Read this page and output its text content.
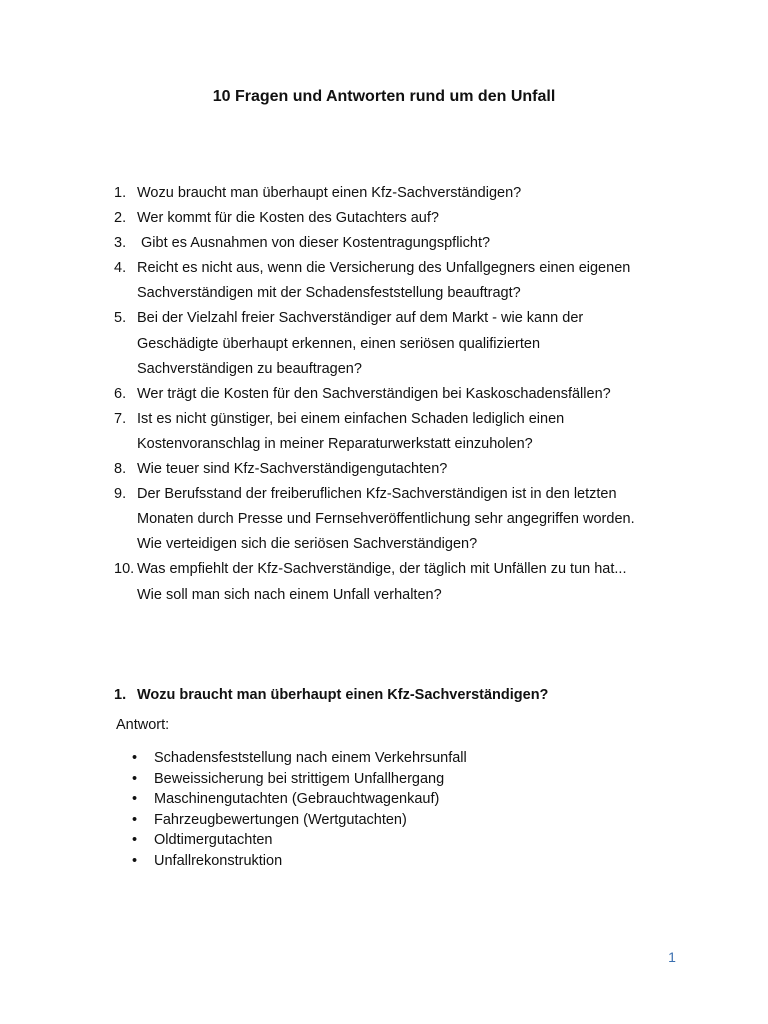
10 Fragen und Antworten rund um den Unfall
1. Wozu braucht man überhaupt einen Kfz-Sachverständigen?
2. Wer kommt für die Kosten des Gutachters auf?
3. Gibt es Ausnahmen von dieser Kostentragungspflicht?
4. Reicht es nicht aus, wenn die Versicherung des Unfallgegners einen eigenen
Sachverständigen mit der Schadensfeststellung beauftragt?
5. Bei der Vielzahl freier Sachverständiger auf dem Markt - wie kann der
Geschädigte überhaupt erkennen, einen seriösen qualifizierten
Sachverständigen zu beauftragen?
6. Wer trägt die Kosten für den Sachverständigen bei Kaskoschadensfällen?
7. Ist es nicht günstiger, bei einem einfachen Schaden lediglich einen
Kostenvoranschlag in meiner Reparaturwerkstatt einzuholen?
8. Wie teuer sind Kfz-Sachverständigengutachten?
9. Der Berufsstand der freiberuflichen Kfz-Sachverständigen ist in den letzten
Monaten durch Presse und Fernsehveröffentlichung sehr angegriffen worden.
Wie verteidigen sich die seriösen Sachverständigen?
10. Was empfiehlt der Kfz-Sachverständige, der täglich mit Unfällen zu tun hat...
Wie soll man sich nach einem Unfall verhalten?
1. Wozu braucht man überhaupt einen Kfz-Sachverständigen?
Antwort:
• Schadensfeststellung nach einem Verkehrsunfall
• Beweissicherung bei strittigem Unfallhergang
• Maschinengutachten (Gebrauchtwagenkauf)
• Fahrzeugbewertungen (Wertgutachten)
• Oldtimergutachten
• Unfallrekonstruktion
1
